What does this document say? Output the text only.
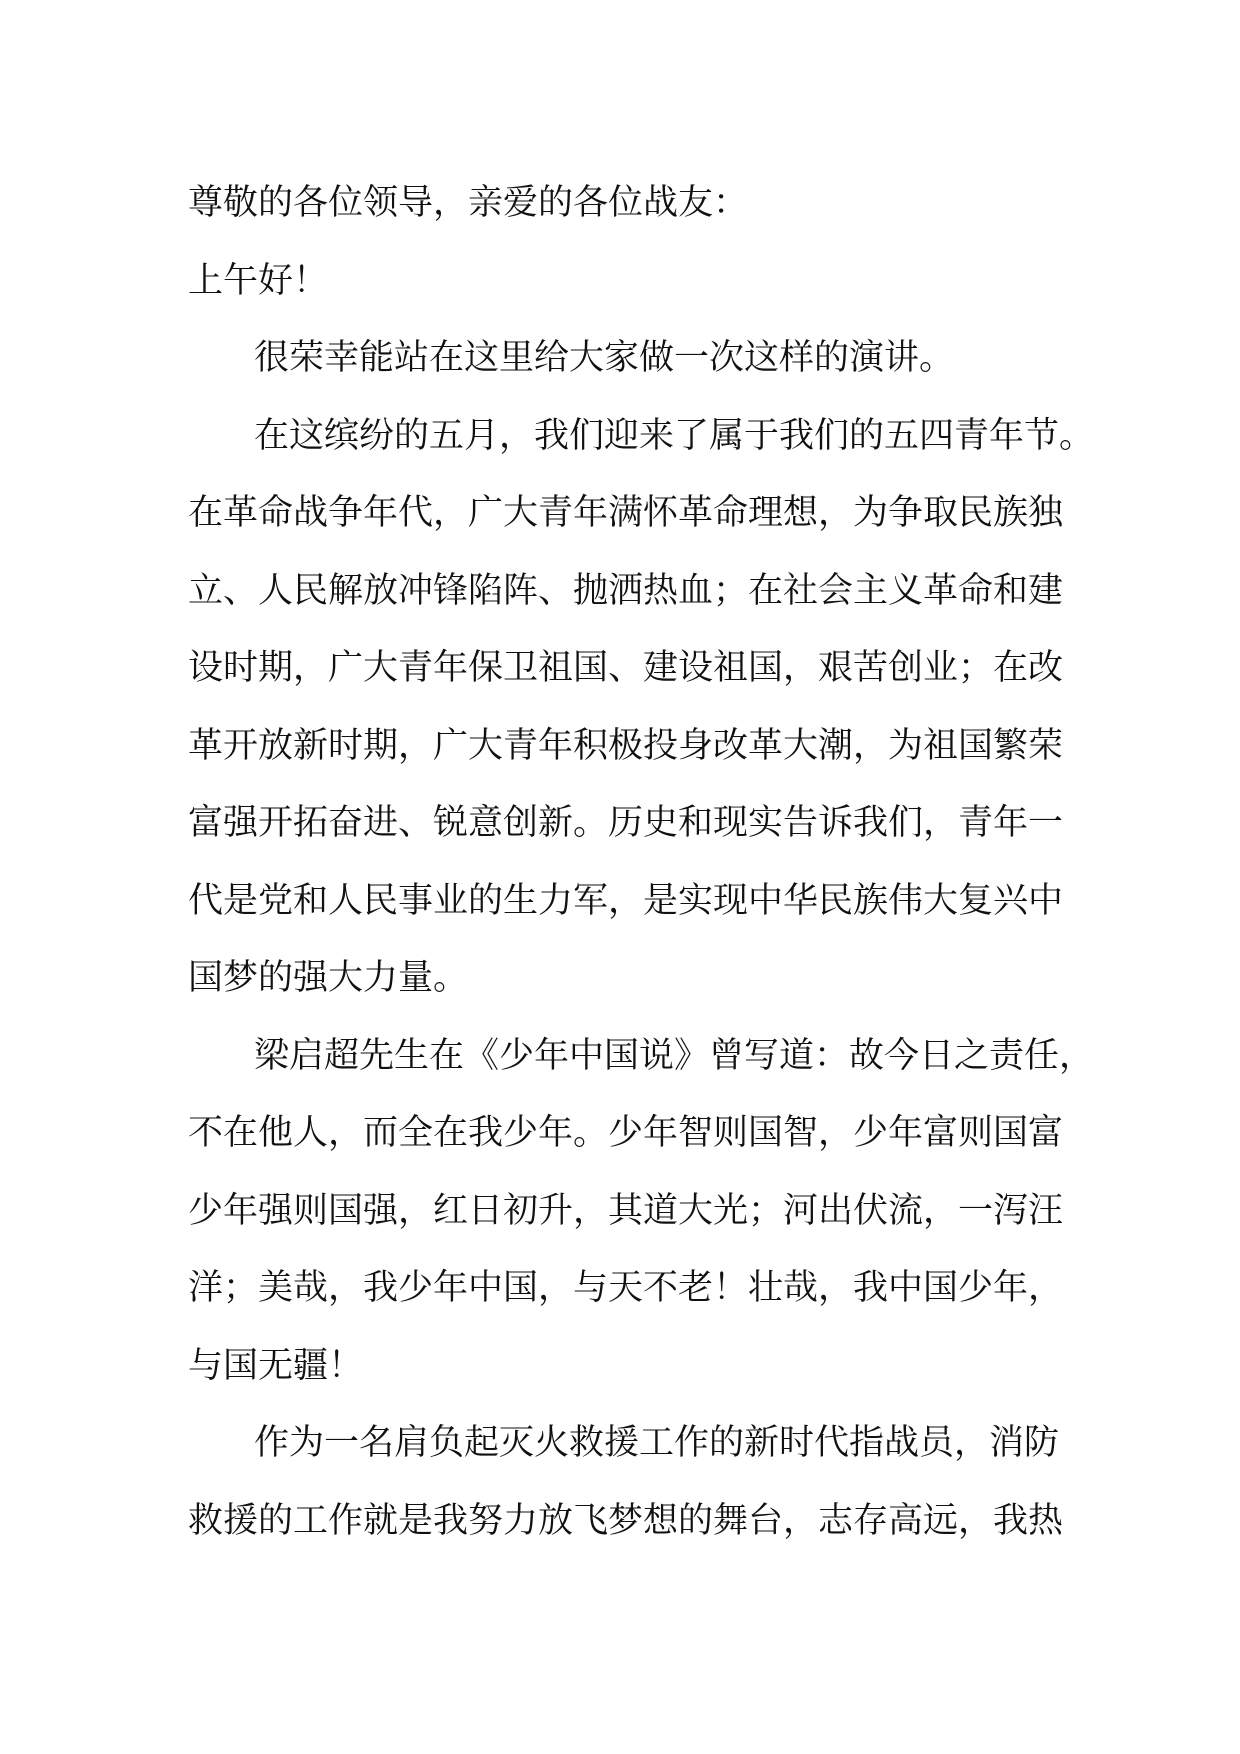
尊敬的各位领导，亲爱的各位战友：
上午好！
很荣幸能站在这里给大家做一次这样的演讲。
在这缤纷的五月，我们迎来了属于我们的五四青年节。
在革命战争年代，广大青年满怀革命理想，为争取民族独
立、人民解放冲锋陷阵、抛洒热血；在社会主义革命和建
设时期，广大青年保卫祖国、建设祖国，艰苦创业；在改
革开放新时期，广大青年积极投身改革大潮，为祖国繁荣
富强开拓奋进、锐意创新。历史和现实告诉我们，青年一
代是党和人民事业的生力军，是实现中华民族伟大复兴中
国梦的强大力量。
梁启超先生在《少年中国说》曾写道：故今日之责任，
不在他人，而全在我少年。少年智则国智，少年富则国富
少年强则国强，红日初升，其道大光；河出伏流，一泻汪
洋；美哉，我少年中国，与天不老！壮哉，我中国少年，
与国无疆！
作为一名肩负起灭火救援工作的新时代指战员，消防
救援的工作就是我努力放飞梦想的舞台，志存高远，我热
